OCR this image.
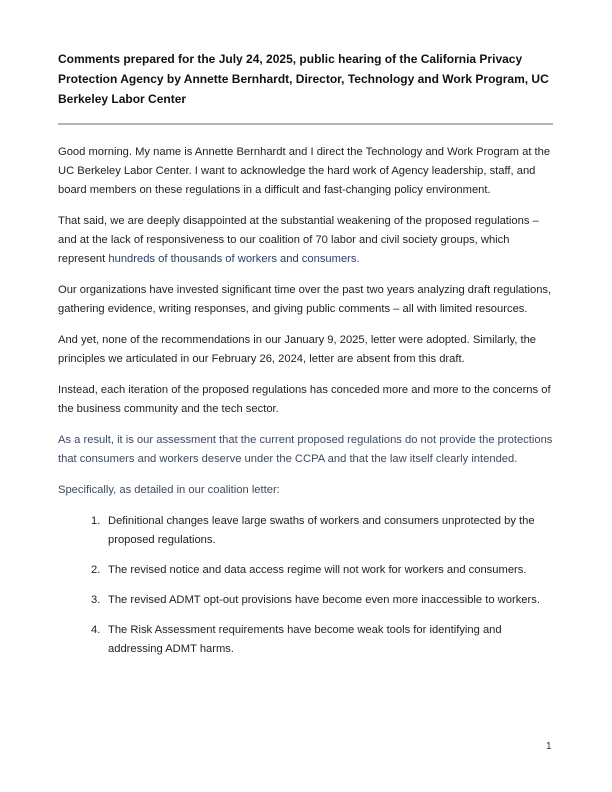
Comments prepared for the July 24, 2025, public hearing of the California Privacy Protection Agency by Annette Bernhardt, Director, Technology and Work Program, UC Berkeley Labor Center

Good morning. My name is Annette Bernhardt and I direct the Technology and Work Program at the UC Berkeley Labor Center. I want to acknowledge the hard work of Agency leadership, staff, and board members on these regulations in a difficult and fast-changing policy environment.

That said, we are deeply disappointed at the substantial weakening of the proposed regulations – and at the lack of responsiveness to our coalition of 70 labor and civil society groups, which represent hundreds of thousands of workers and consumers.

Our organizations have invested significant time over the past two years analyzing draft regulations, gathering evidence, writing responses, and giving public comments – all with limited resources.

And yet, none of the recommendations in our January 9, 2025, letter were adopted. Similarly, the principles we articulated in our February 26, 2024, letter are absent from this draft.

Instead, each iteration of the proposed regulations has conceded more and more to the concerns of the business community and the tech sector.

As a result, it is our assessment that the current proposed regulations do not provide the protections that consumers and workers deserve under the CCPA and that the law itself clearly intended.

Specifically, as detailed in our coalition letter:

1. Definitional changes leave large swaths of workers and consumers unprotected by the proposed regulations.
2. The revised notice and data access regime will not work for workers and consumers.
3. The revised ADMT opt-out provisions have become even more inaccessible to workers.
4. The Risk Assessment requirements have become weak tools for identifying and addressing ADMT harms.
1
